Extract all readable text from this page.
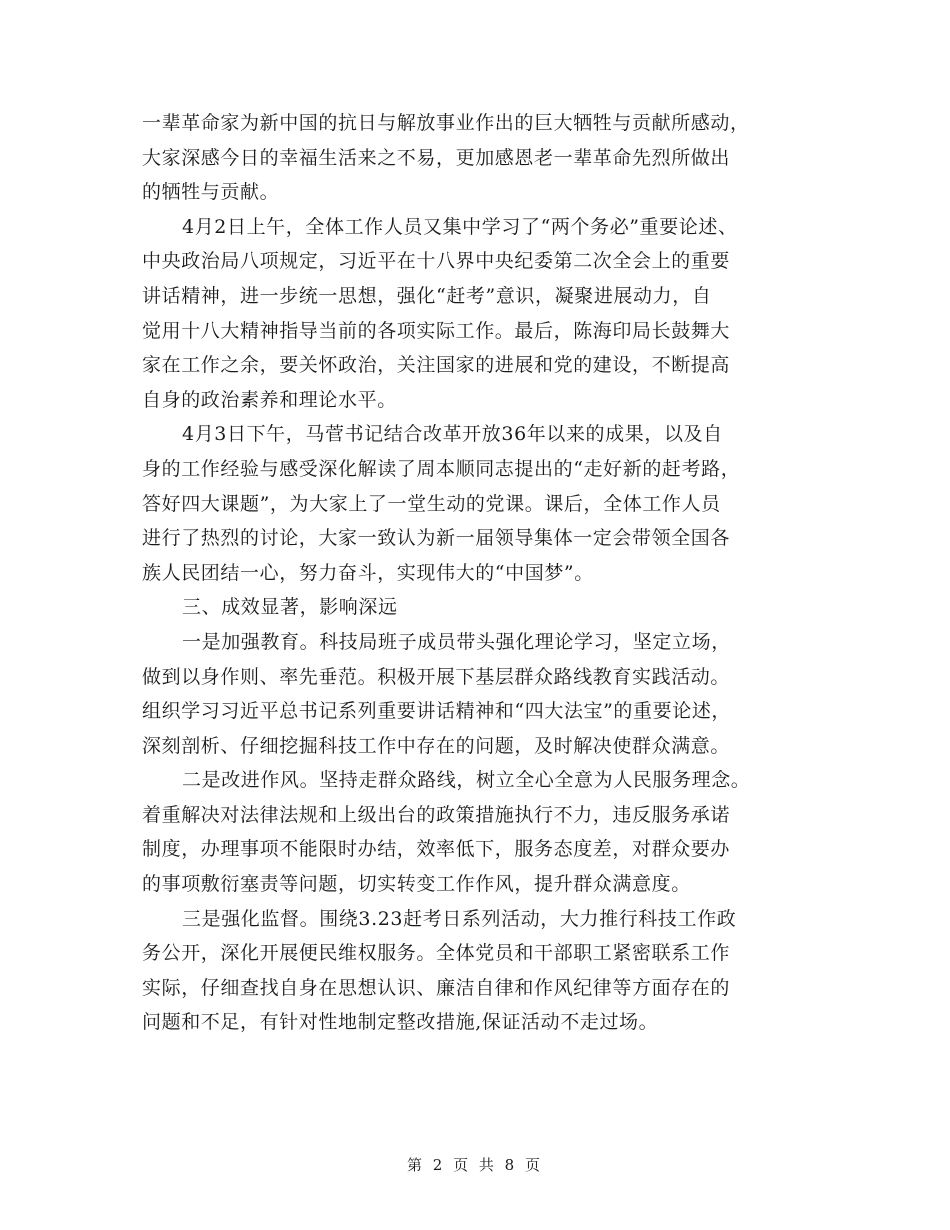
一辈革命家为新中国的抗日与解放事业作出的巨大牺牲与贡献所感动，
大家深感今日的幸福生活来之不易，更加感恩老一辈革命先烈所做出
的牺牲与贡献。
4月2日上午，全体工作人员又集中学习了“两个务必”重要论述、
中央政治局八项规定，习近平在十八界中央纪委第二次全会上的重要
讲话精神，进一步统一思想，强化“赶考”意识，凝聚进展动力，自
觉用十八大精神指导当前的各项实际工作。最后，陈海印局长鼓舞大
家在工作之余，要关怀政治，关注国家的进展和党的建设，不断提高
自身的政治素养和理论水平。
4月3日下午，马菅书记结合改革开放36年以来的成果，以及自
身的工作经验与感受深化解读了周本顺同志提出的“走好新的赶考路，
答好四大课题”，为大家上了一堂生动的党课。课后，全体工作人员
进行了热烈的讨论，大家一致认为新一届领导集体一定会带领全国各
族人民团结一心，努力奋斗，实现伟大的“中国梦”。
三、成效显著，影响深远
一是加强教育。科技局班子成员带头强化理论学习，坚定立场，
做到以身作则、率先垂范。积极开展下基层群众路线教育实践活动。
组织学习习近平总书记系列重要讲话精神和“四大法宝”的重要论述，
深刻剖析、仔细挖掘科技工作中存在的问题，及时解决使群众满意。
二是改进作风。坚持走群众路线，树立全心全意为人民服务理念。
着重解决对法律法规和上级出台的政策措施执行不力，违反服务承诺
制度，办理事项不能限时办结，效率低下，服务态度差，对群众要办
的事项敷衍塞责等问题，切实转变工作作风，提升群众满意度。
三是强化监督。围绕3.23赶考日系列活动，大力推行科技工作政
务公开，深化开展便民维权服务。全体党员和干部职工紧密联系工作
实际，仔细查找自身在思想认识、廉洁自律和作风纪律等方面存在的
问题和不足，有针对性地制定整改措施,保证活动不走过场。
第 2 页 共 8 页
